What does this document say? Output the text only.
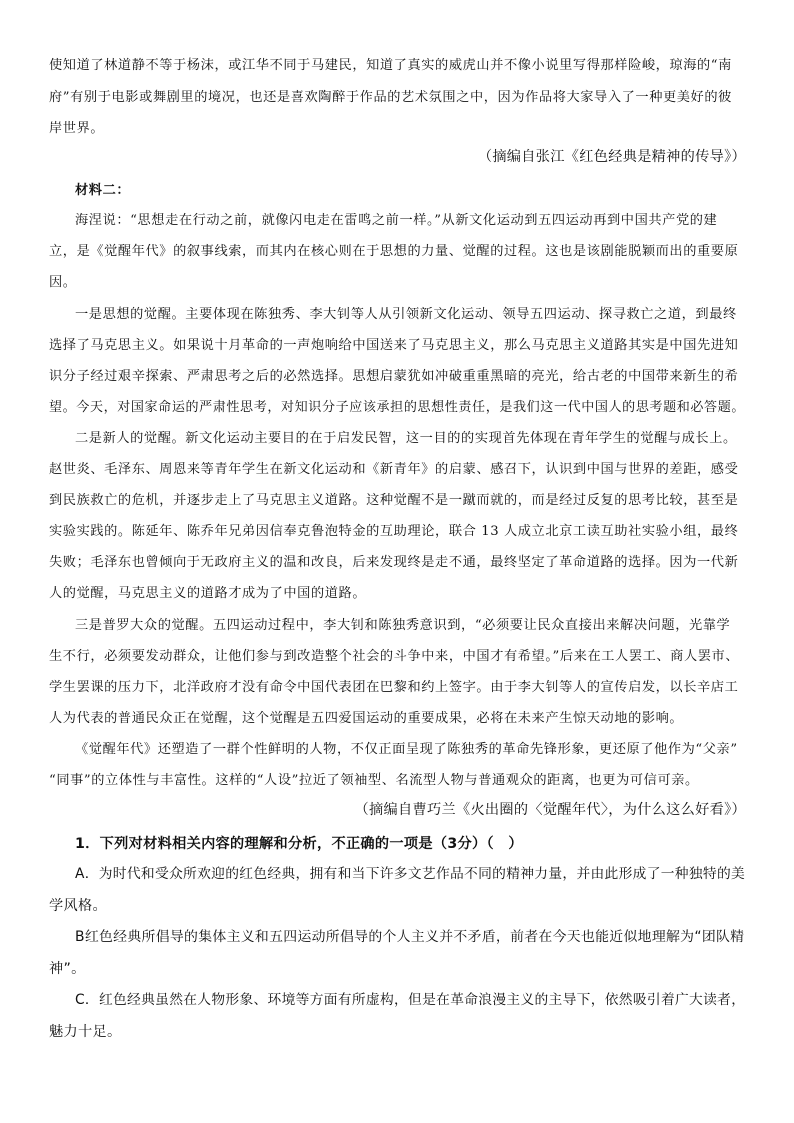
使知道了林道静不等于杨沫，或江华不同于马建民，知道了真实的威虎山并不像小说里写得那样险峻，琼海的“南
府”有别于电影或舞剧里的境况，也还是喜欢陶醉于作品的艺术氛围之中，因为作品将大家导入了一种更美好的彼
岸世界。
（摘编自张江《红色经典是精神的传导》）
材料二：
海涅说：“思想走在行动之前，就像闪电走在雷鸣之前一样。”从新文化运动到五四运动再到中国共产党的建
立，是《觉醒年代》的叙事线索，而其内在核心则在于思想的力量、觉醒的过程。这也是该剧能脱颖而出的重要原
因。
一是思想的觉醒。主要体现在陈独秀、李大钊等人从引领新文化运动、领导五四运动、探寻救亡之道，到最终
选择了马克思主义。如果说十月革命的一声炮响给中国送来了马克思主义，那么马克思主义道路其实是中国先进知
识分子经过艰辛探索、严肃思考之后的必然选择。思想启蒙犹如冲破重重黑暗的亮光，给古老的中国带来新生的希
望。今天，对国家命运的严肃性思考，对知识分子应该承担的思想性责任，是我们这一代中国人的思考题和必答题。
二是新人的觉醒。新文化运动主要目的在于启发民智，这一目的的实现首先体现在青年学生的觉醒与成长上。
赵世炎、毛泽东、周恩来等青年学生在新文化运动和《新青年》的启蒙、感召下，认识到中国与世界的差距，感受
到民族救亡的危机，并逐步走上了马克思主义道路。这种觉醒不是一蹴而就的，而是经过反复的思考比较，甚至是
实验实践的。陈延年、陈乔年兄弟因信奉克鲁泡特金的互助理论，联合 13 人成立北京工读互助社实验小组，最终
失败；毛泽东也曾倾向于无政府主义的温和改良，后来发现终是走不通，最终坚定了革命道路的选择。因为一代新
人的觉醒，马克思主义的道路才成为了中国的道路。
三是普罗大众的觉醒。五四运动过程中，李大钊和陈独秀意识到，“必须要让民众直接出来解决问题，光靠学
生不行，必须要发动群众，让他们参与到改造整个社会的斗争中来，中国才有希望。”后来在工人罢工、商人罢市、
学生罢课的压力下，北洋政府才没有命令中国代表团在巴黎和约上签字。由于李大钊等人的宣传启发，以长辛店工
人为代表的普通民众正在觉醒，这个觉醒是五四爱国运动的重要成果，必将在未来产生惊天动地的影响。
《觉醒年代》还塑造了一群个性鲜明的人物，不仅正面呈现了陈独秀的革命先锋形象，更还原了他作为“父亲”
“同事”的立体性与丰富性。这样的“人设”拉近了领袖型、名流型人物与普通观众的距离，也更为可信可亲。
（摘编自曹巧兰《火出圈的〈觉醒年代〉，为什么这么好看》）
1．下列对材料相关内容的理解和分析，不正确的一项是（3分）（　）
A．为时代和受众所欢迎的红色经典，拥有和当下许多文艺作品不同的精神力量，并由此形成了一种独特的美
学风格。
B红色经典所倡导的集体主义和五四运动所倡导的个人主义并不矛盾，前者在今天也能近似地理解为“团队精
神”。
C．红色经典虽然在人物形象、环境等方面有所虚构，但是在革命浪漫主义的主导下，依然吸引着广大读者，
魅力十足。
